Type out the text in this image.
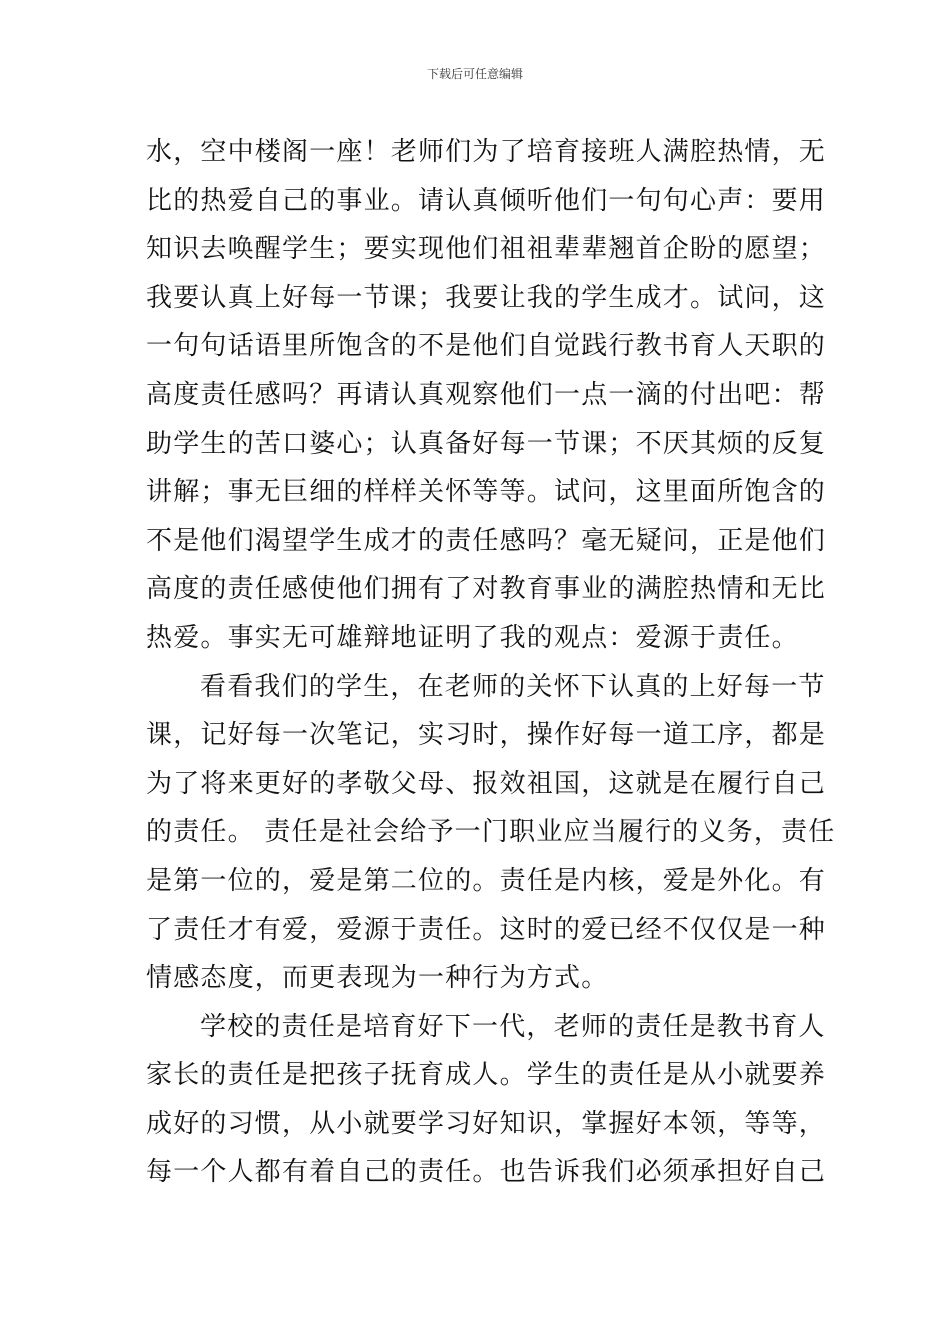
下载后可任意编辑
水，空中楼阁一座！老师们为了培育接班人满腔热情，无
比的热爱自己的事业。请认真倾听他们一句句心声：要用
知识去唤醒学生；要实现他们祖祖辈辈翘首企盼的愿望；
我要认真上好每一节课；我要让我的学生成才。试问，这
一句句话语里所饱含的不是他们自觉践行教书育人天职的
高度责任感吗？再请认真观察他们一点一滴的付出吧：帮
助学生的苦口婆心；认真备好每一节课；不厌其烦的反复
讲解；事无巨细的样样关怀等等。试问，这里面所饱含的
不是他们渴望学生成才的责任感吗？毫无疑问，正是他们
高度的责任感使他们拥有了对教育事业的满腔热情和无比
热爱。事实无可雄辩地证明了我的观点：爱源于责任。
看看我们的学生，在老师的关怀下认真的上好每一节
课，记好每一次笔记，实习时，操作好每一道工序，都是
为了将来更好的孝敬父母、报效祖国，这就是在履行自己
的责任。 责任是社会给予一门职业应当履行的义务，责任
是第一位的，爱是第二位的。责任是内核，爱是外化。有
了责任才有爱，爱源于责任。这时的爱已经不仅仅是一种
情感态度，而更表现为一种行为方式。
学校的责任是培育好下一代，老师的责任是教书育人
家长的责任是把孩子抚育成人。学生的责任是从小就要养
成好的习惯，从小就要学习好知识，掌握好本领，等等，
每一个人都有着自己的责任。也告诉我们必须承担好自己
